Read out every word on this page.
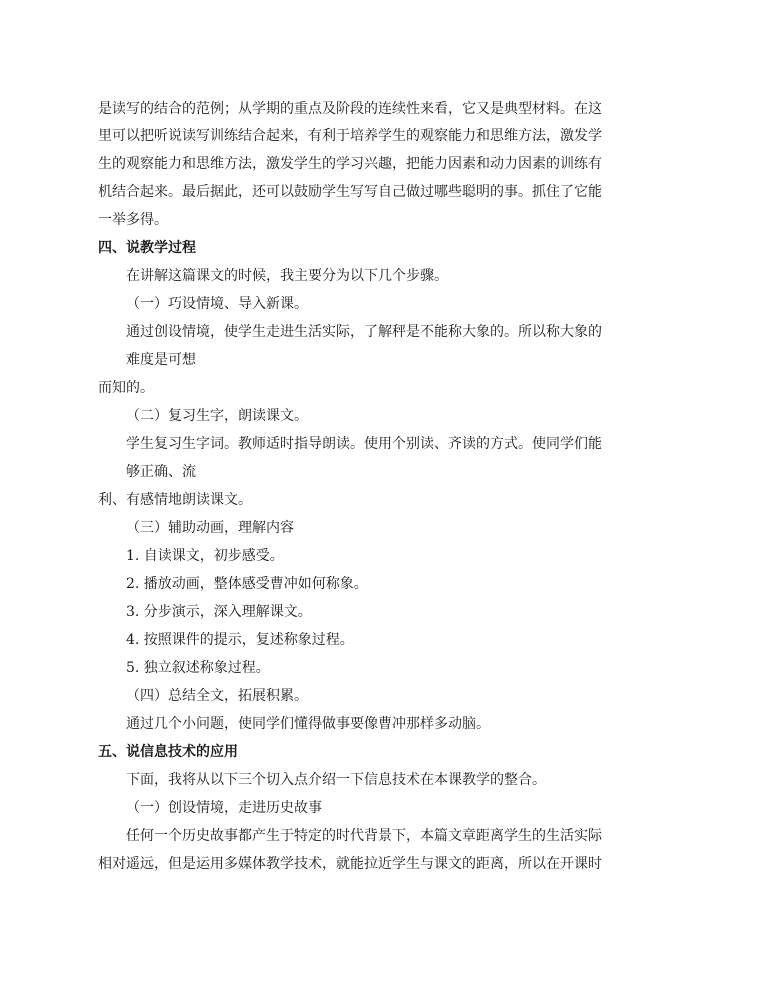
是读写的结合的范例；从学期的重点及阶段的连续性来看，它又是典型材料。在这

里可以把听说读写训练结合起来，有利于培养学生的观察能力和思维方法，激发学

生的观察能力和思维方法，激发学生的学习兴趣，把能力因素和动力因素的训练有

机结合起来。最后据此，还可以鼓励学生写写自己做过哪些聪明的事。抓住了它能

一举多得。

四、说教学过程

在讲解这篇课文的时候，我主要分为以下几个步骤。

（一）巧设情境、导入新课。

通过创设情境，使学生走进生活实际，了解秤是不能称大象的。所以称大象的

难度是可想

而知的。

（二）复习生字，朗读课文。

学生复习生字词。教师适时指导朗读。使用个别读、齐读的方式。使同学们能

够正确、流

利、有感情地朗读课文。

（三）辅助动画，理解内容

1. 自读课文，初步感受。

2. 播放动画，整体感受曹冲如何称象。

3. 分步演示，深入理解课文。

4. 按照课件的提示，复述称象过程。

5. 独立叙述称象过程。

（四）总结全文，拓展积累。

通过几个小问题，使同学们懂得做事要像曹冲那样多动脑。

五、说信息技术的应用

下面，我将从以下三个切入点介绍一下信息技术在本课教学的整合。

（一）创设情境，走进历史故事

任何一个历史故事都产生于特定的时代背景下，本篇文章距离学生的生活实际

相对遥远，但是运用多媒体教学技术，就能拉近学生与课文的距离，所以在开课时
